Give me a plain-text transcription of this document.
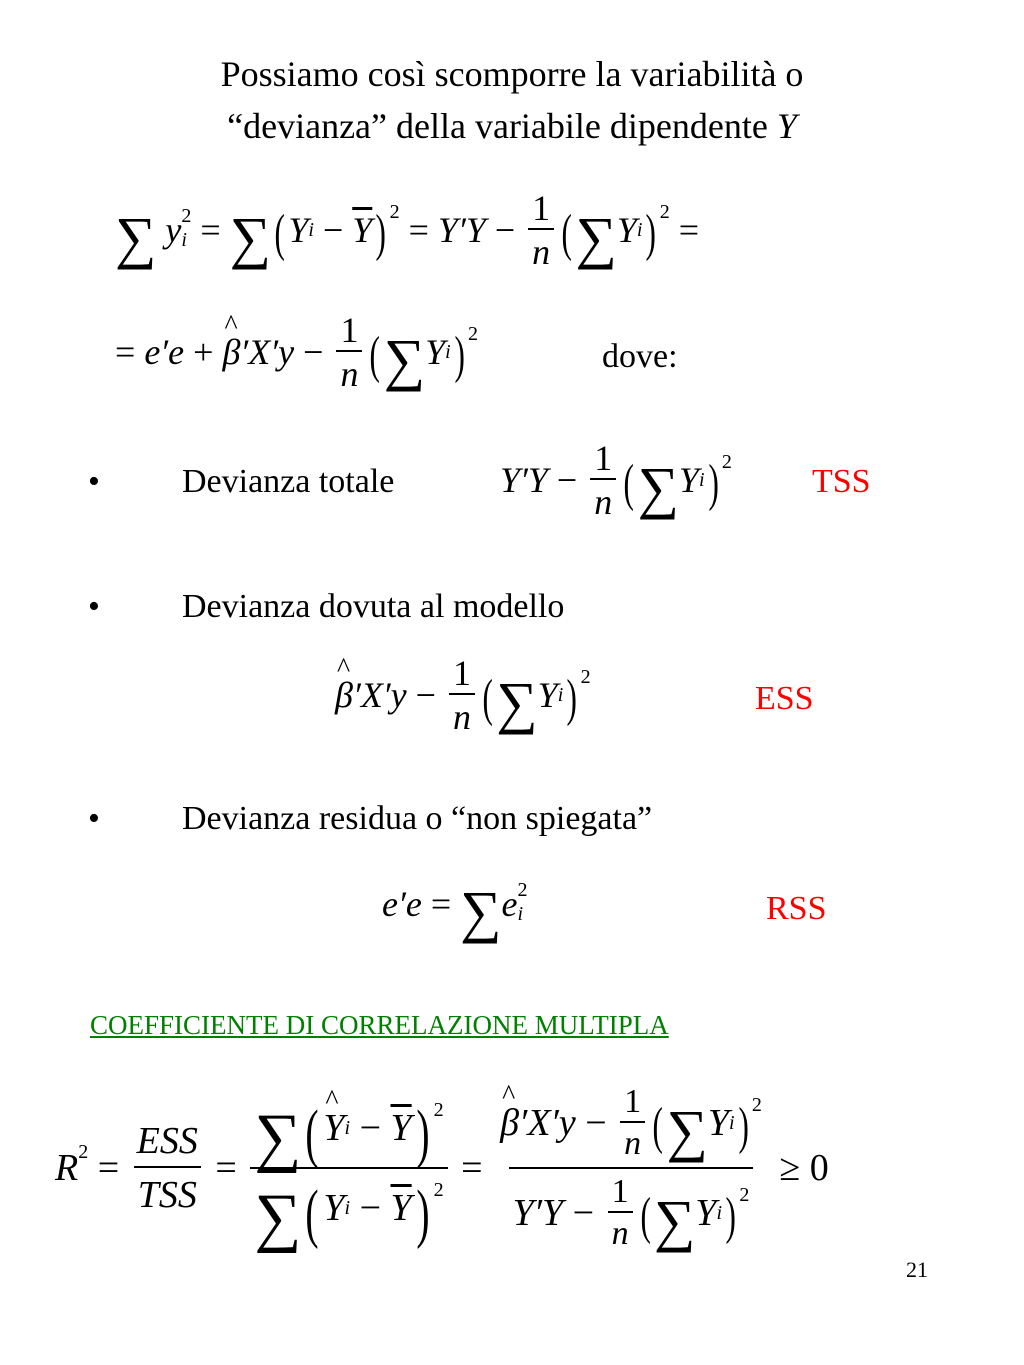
Possiamo così scomporre la variabilità o
“devianza” della variabile dipendente Y
∑ $y^2$
i = ∑ ( Y $i - \overline{Y}$ )$^2 = Y'Y - \frac{1}{n}$ ( ∑ Y i )$^2$ =
= e′e + ^ β $'X'y - \frac{1}{n}$ ( ∑ Y i )$^2$
dove:
• Devianza totale	$Y'Y - \frac{1}{n}$ ( ∑ Y i )$^2$
TSS
• Devianza dovuta al modello
^ β $'X'y - \frac{1}{n}$ ( ∑ Y i )$^2$
ESS
• Devianza residua o “non spiegata”
e′e = ∑ $e^2$
i	RSS
COEFFICIENTE DI CORRELAZIONE MULTIPLA
$R^2 = \frac{\text{ESS}}{\text{TSS}} = \frac{\sum ( \^{} Y i - \overline{Y} )^2}{\sum ( Y i - \overline{Y} )^2}$ = ^ $\frac{\beta 'X'y - \frac{1}{n} ( \sum Y i )^2}{Y'Y - \frac{1}{n} ( \sum Y i )^2} \ge 0$
21
